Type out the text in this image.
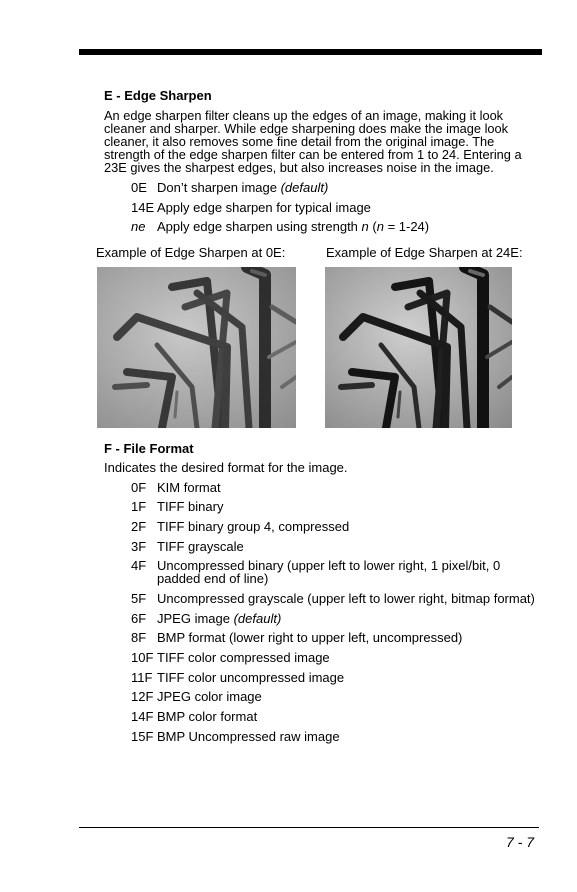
E - Edge Sharpen
An edge sharpen filter cleans up the edges of an image, making it look cleaner and sharper. While edge sharpening does make the image look cleaner, it also removes some fine detail from the original image. The strength of the edge sharpen filter can be entered from 1 to 24. Entering a 23E gives the sharpest edges, but also increases noise in the image.
0E Don’t sharpen image (default)
14E Apply edge sharpen for typical image
ne Apply edge sharpen using strength n (n = 1-24)
Example of Edge Sharpen at 0E:	Example of Edge Sharpen at 24E:
F - File Format
Indicates the desired format for the image.
0F KIM format
1F TIFF binary
2F TIFF binary group 4, compressed
3F TIFF grayscale
4F Uncompressed binary (upper left to lower right, 1 pixel/bit, 0
padded end of line)
5F Uncompressed grayscale (upper left to lower right, bitmap format)
6F JPEG image (default)
8F BMP format (lower right to upper left, uncompressed)
10F TIFF color compressed image
11F TIFF color uncompressed image
12F JPEG color image
14F BMP color format
15F BMP Uncompressed raw image
7 - 7
